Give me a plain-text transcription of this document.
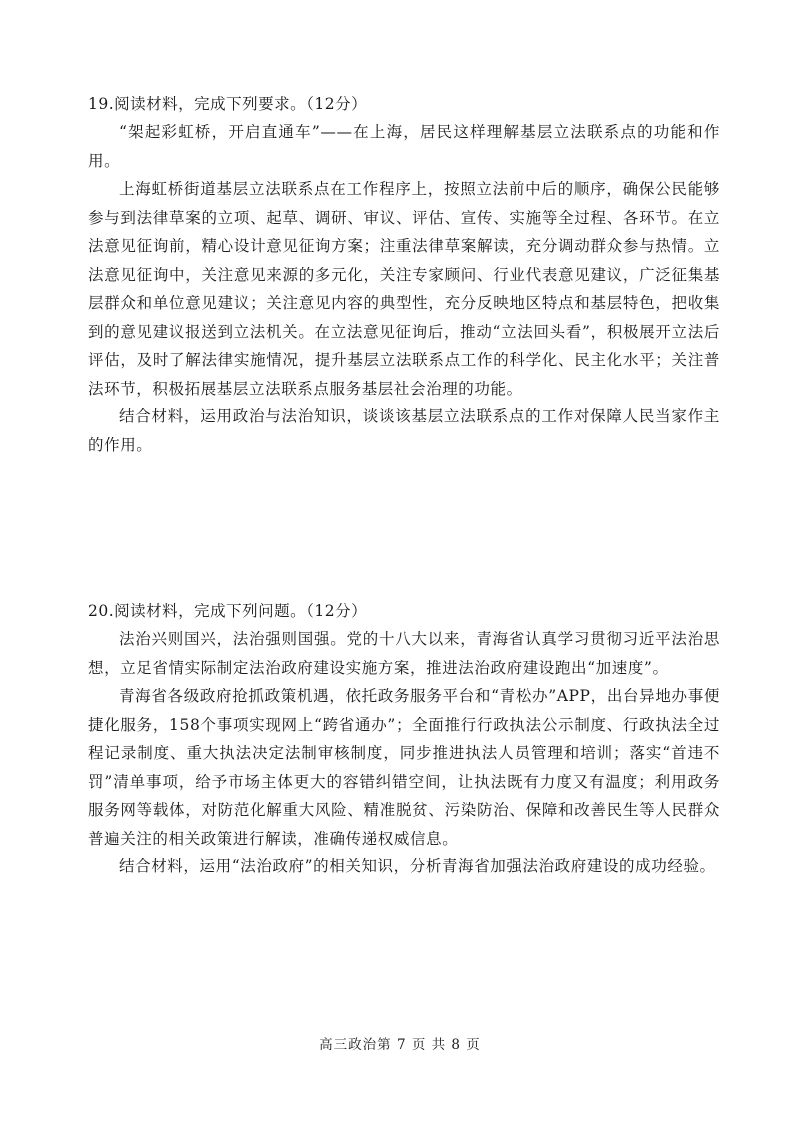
19.阅读材料，完成下列要求。（12分）
“架起彩虹桥，开启直通车”——在上海，居民这样理解基层立法联系点的功能和作用。
上海虹桥街道基层立法联系点在工作程序上，按照立法前中后的顺序，确保公民能够参与到法律草案的立项、起草、调研、审议、评估、宣传、实施等全过程、各环节。在立法意见征询前，精心设计意见征询方案；注重法律草案解读，充分调动群众参与热情。立法意见征询中，关注意见来源的多元化，关注专家顾问、行业代表意见建议，广泛征集基层群众和单位意见建议；关注意见内容的典型性，充分反映地区特点和基层特色，把收集到的意见建议报送到立法机关。在立法意见征询后，推动“立法回头看”，积极展开立法后评估，及时了解法律实施情况，提升基层立法联系点工作的科学化、民主化水平；关注普法环节，积极拓展基层立法联系点服务基层社会治理的功能。
结合材料，运用政治与法治知识，谈谈该基层立法联系点的工作对保障人民当家作主的作用。
20.阅读材料，完成下列问题。（12分）
法治兴则国兴，法治强则国强。党的十八大以来，青海省认真学习贯彻习近平法治思想，立足省情实际制定法治政府建设实施方案，推进法治政府建设跑出“加速度”。
青海省各级政府抢抓政策机遇，依托政务服务平台和“青松办”APP，出台异地办事便捷化服务，158个事项实现网上“跨省通办”；全面推行行政执法公示制度、行政执法全过程记录制度、重大执法决定法制审核制度，同步推进执法人员管理和培训；落实“首违不罚”清单事项，给予市场主体更大的容错纠错空间，让执法既有力度又有温度；利用政务服务网等载体，对防范化解重大风险、精准脱贫、污染防治、保障和改善民生等人民群众普遍关注的相关政策进行解读，准确传递权威信息。
结合材料，运用“法治政府”的相关知识，分析青海省加强法治政府建设的成功经验。
高三政治第 7 页 共 8 页
